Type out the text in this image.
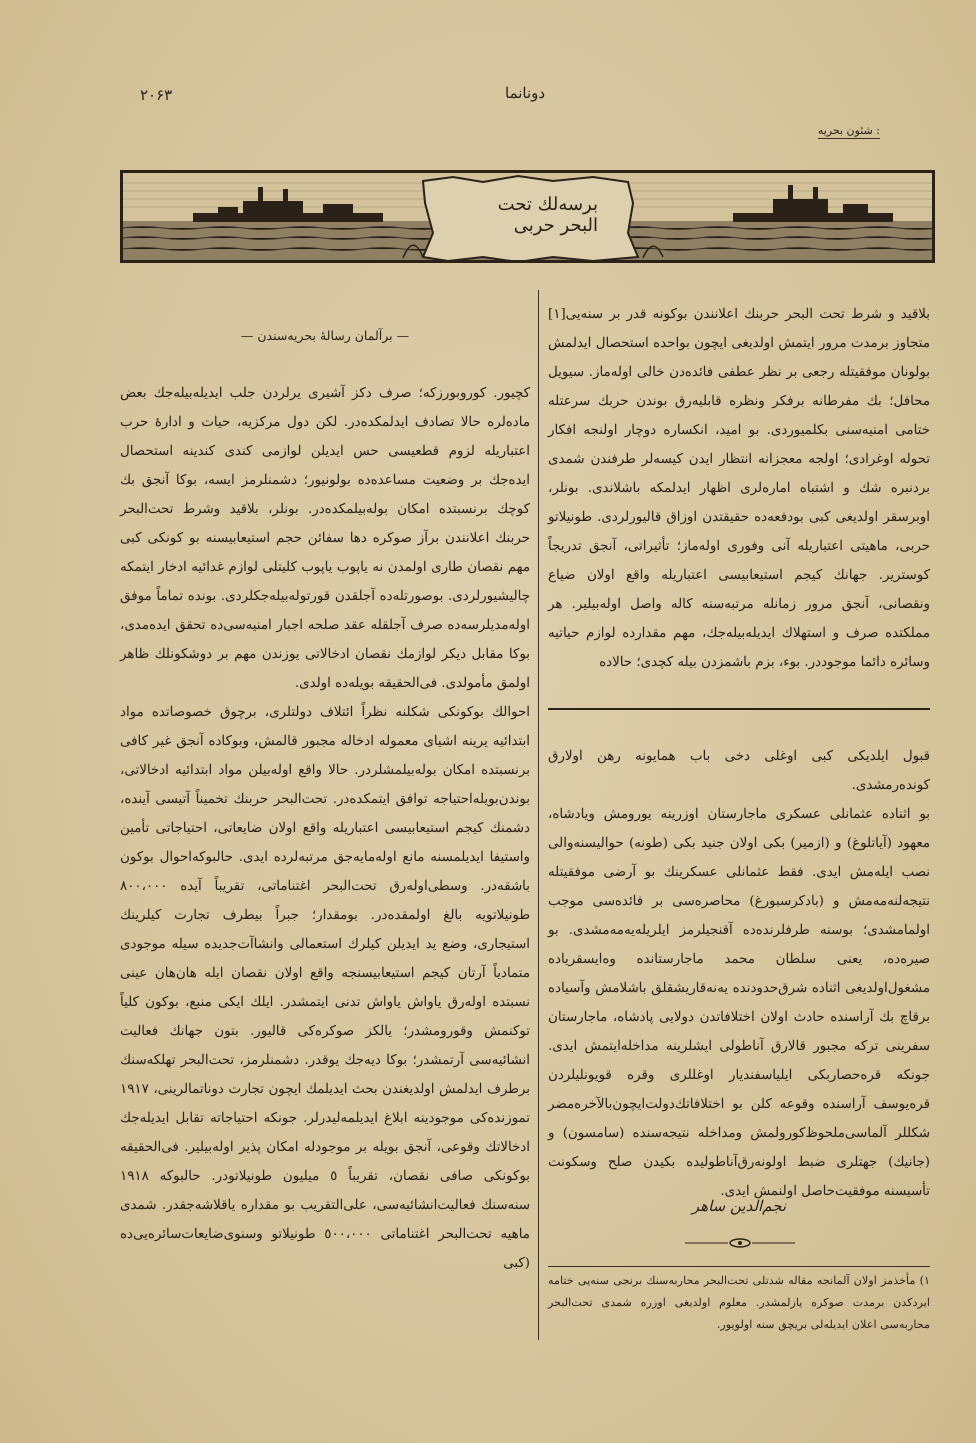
۲۰۶۳	دونانما
شئون بحریه :
برسەلك تحت البحر حربی

بلاقید و شرط تحت البحر حربنك اعلانندن بوكونه قدر بر سنه‌یی[١] متجاوز برمدت مرور ایتمش اولدیغی ایچون بواحده استحصال ایدلمش بولونان موفقیتله رجعی بر نظر عطفی فائده‌دن خالی اوله‌ماز. سیویل محافل؛ بك مفرطانه برفكر ونظره قابلیه‌رق بوندن حربك سرعتله ختامی امنیه‌سنی بكلمیوردی. بو امید، انكساره دوچار اولنجه افكار تحوله اوغرادی؛ اولجه معجزانه انتظار ایدن كیسه‌لر طرفندن شمدی بردنبره شك و اشتباه امارەلری اظهار ایدلمكه باشلاندی. بونلر، اوبرسقر اولدیغی كبی بودفعه‌ده حقیقتدن اوزاق قالیورلردی. طونیلاتو حربی، ماهیتی اعتباریله آنی وفوری اوله‌ماز؛ تأثیراتی، آنجق تدریجاً كوستریر. جهانك كیجم استیعابیسی اعتباریله واقع اولان ضیاع ونقصانی، آنجق مرور زمانله مرتبه‌سنه كاله واصل اوله‌بیلیر. هر مملكتده صرف و استهلاك ایدیله‌بیله‌جك، مهم مقدارده لوازم حیاتیه وسائره دائما موجود‌در. بوء، بزم باشمزدن بیله كچدی؛ حالاده

قبول ایلدیكی كبی اوغلی دخی باب همایونه رهن اولارق كوندەرمشدی.
بو اثناده عثمانلی عسكری ماجارستان اوزرینه یورومش ویادشاه، معهود (آیاتلوغ) و (ازمیر) بكی اولان جنید بكی (طونه) حوالیسنه‌والی نصب ایله‌مش ایدی. فقط عثمانلی عسكرینك بو آرضی موفقیتله نتیجه‌لنه‌مەمش و (بادكرسبورغ) محاصره‌سی بر فائدەسی موجب اولمامشدی؛ بوسنه طرفلرندەده آقنجیلرمز ایلریله‌یه‌مەمشدی. بو صیرەده، یعنی سلطان محمد ماجارستانده وه‌ایسقریاده مشغول‌اولدیغی اثناده شرق‌حدودنده یەنەقاریشقلق باشلامش وآسیاده برقاچ بك آراسنده حادث اولان اختلافاتدن دولایی پادشاه، ماجارستان سفرینی تركه مجبور قالارق آناطولی ایشلرینه مداخله‌ایتمش ایدی. جونكه قره‌حصاربكی ایلیاسفندیار اوغللری وقره قویونلیلردن قره‌یوسف آراسنده وقوعه كلن بو اختلافاتك‌دولت‌ایچون‌بالآخره‌مضر شكللر آلماسی‌ملحوظ‌كورولمش ومداخله نتیجه‌سنده (سامسون) و (جانیك) جهتلری ضبط اولونەرق‌آناطولیده بكیدن صلح وسكونت تأسیسنه موفقیت‌حاصل اولنمش ایدی.

نجم‌الدین ساهر
١) مأخذمز اولان آلمانجه مقاله شدتلی تحت‌البحر محاربه‌سنك برنجی سنه‌یی ختامه ایردكدن برمدت صوكره یازلمشدر. معلوم اولدیغی اوزره شمدی تحت‌البحر محاربه‌سی اعلان ایدیلەلی بریچق سنه اولویور.

— برآلمان رساله‌ٔ بحریه‌سندن —

كچیور. كوروبورزكه؛ صرف دكز آشیری یرلردن جلب ایدیله‌بیله‌جك بعض مادەلره حالا تصادف ایدلمكده‌در. لكن دول مركزیه، حیات و ادارهٔ حرب اعتباریله لزوم قطعیسی حس ایدیلن لوازمی كندی كندینه استحصال ایده‌جك بر وضعیت مساعدەده بولونیور؛ دشمنلرمز ایسه، بوكا آنجق بك كوچك برنسبتده امكان بوله‌بیلمكده‌در. بونلر، بلاقید وشرط تحت‌البحر حربنك اعلانندن برآز صوكره دها سفائن حجم استیعابیسنه بو كونكی كبی مهم نقصان طاری اولمدن نه یاپوب یاپوب كلیتلی لوازم غدائیه ادخار ایتمكه چالیشیورلردی. بوصورتله‌ده آجلقدن قورتوله‌بیله‌جكلردی. بونده تماماً موفق اوله‌مدیلرسەده صرف آجلقله عقد صلحه اجبار امنیه‌سی‌ده تحقق ایده‌مدی، بوكا مقابل دیكر لوازمك نقصان ادخالاتی یوزندن مهم بر دوشكونلك ظاهر اولمق مأمولدی. فی‌الحقیقه بویله‌ده اولدی.
احوالك بوكونكی شكلنه نظراً ائتلاف دولتلری، برچوق خصوصاتده مواد ابتدائیه یرینه اشیای معموله ادخاله مجبور قالمش، وبوكاده آنجق غیر كافی برنسبتده امكان بوله‌بیلمشلردر. حالا واقع اوله‌بیلن مواد ابتدائیه ادخالاتی، بوندن‌بویله‌احتیاجه توافق ایتمكده‌در. تحت‌البحر حربنك تخمیناً آتیسی آینده، دشمنك كیجم استیعابیسی اعتباریله واقع اولان ضایعاتی، احتیاجاتی تأمین واستیفا ایدیلمسنه مانع اوله‌مایه‌جق مرتبه‌لرده ایدی. حالبوكه‌احوال بوكون باشقه‌در. وسطی‌اوله‌رق تحت‌البحر اغتناماتی، تقریباً آیده ٨٠٠،٠٠٠ طونیلاتویه بالغ اولمقده‌در. بومقدار؛ جبراً بیطرف تجارت كیلرینك استیجاری، وضع ید ایدیلن كیلرك استعمالی وانشاآت‌جدیده سیله موجودی متمادیاً آرتان كیجم استیعابیسنجه واقع اولان نقصان ایله هان‌هان عینی نسبتده اوله‌رق یاواش یاواش تدنی ایتمشدر. ایلك ایكی منبع، بوكون كلیاً توكنمش وقورومشدر؛ یالكز صوكرەكی قالیور. بتون جهانك فعالیت انشائیه‌سی آرتمشدر؛ بوكا دیه‌جك یوقدر. دشمنلرمز، تحت‌البحر تهلكه‌سنك برطرف ایدلمش اولدیغندن بحث ایدیلمك ایچون تجارت دوناتمالرینی، ١٩١٧ تموزنده‌كی موجودینه ابلاغ ایدیلمه‌لیدرلر. جونكه احتیاجاته تقابل ایدیله‌جك ادخالاتك وقوعی، آنجق بویله بر موجودله امكان پذیر اوله‌بیلیر. فی‌الحقیقه بوكونكی صافی نقصان، تقریباً ٥ میلیون طونیلاتودر. حالبوكه ١٩١٨ سنه‌سنك فعالیت‌انشائیه‌سی، علی‌التقریب بو مقداره یاقلاشه‌جقدر. شمدی ماهیه تحت‌البحر اغتناماتی ٥٠٠،٠٠٠ طونیلاتو وسنوی‌ضایعات‌سائره‌یی‌ده (كبی
